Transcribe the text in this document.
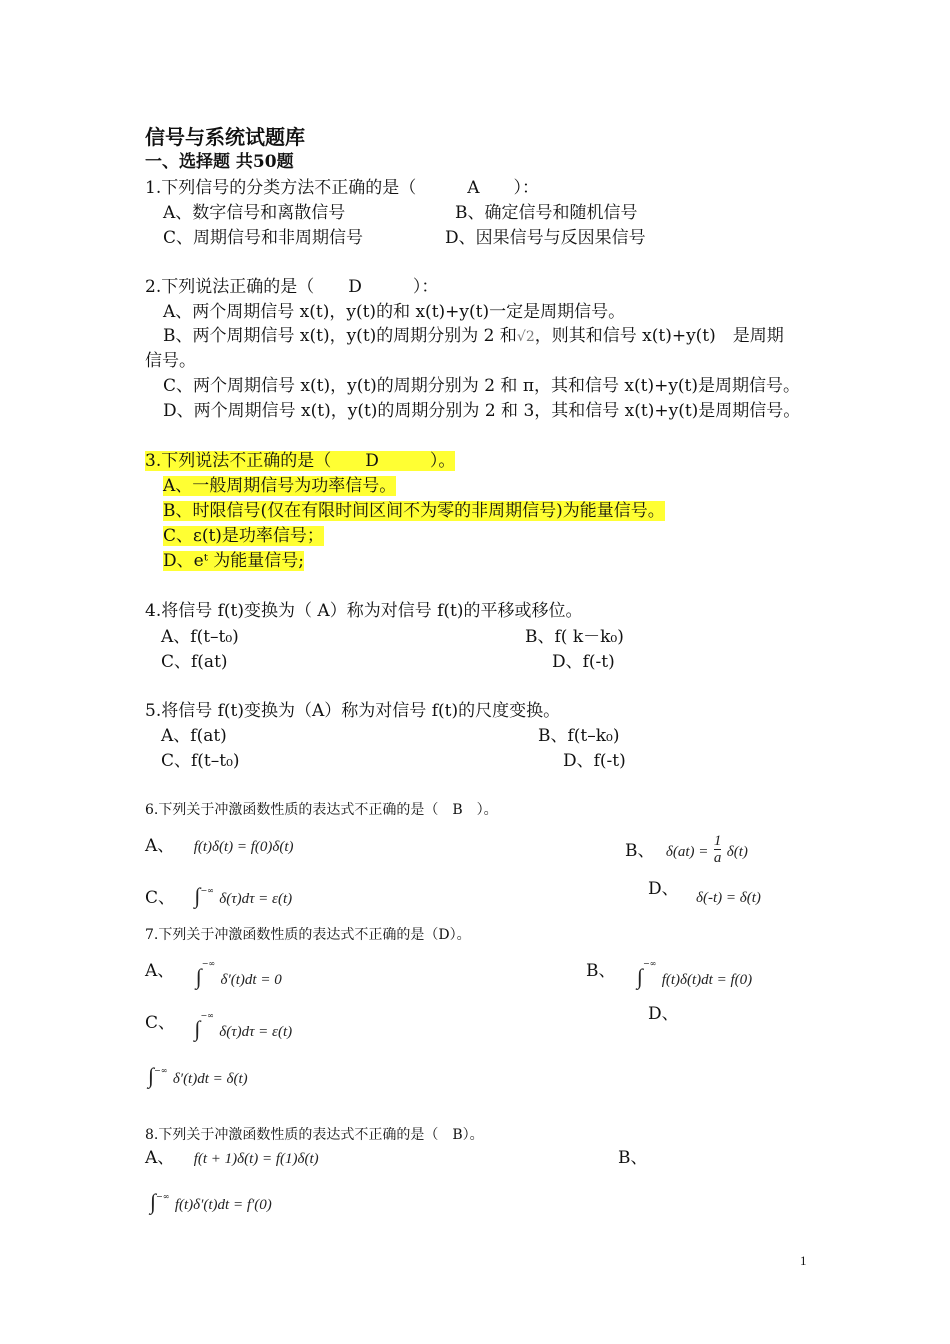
信号与系统试题库
一、选择题 共50题
1.下列信号的分类方法不正确的是（　　　A　　）：
A、数字信号和离散信号	B、确定信号和随机信号
C、周期信号和非周期信号	D、因果信号与反因果信号
2.下列说法正确的是（　　D　　　）：
A、两个周期信号 x(t)，y(t)的和 x(t)+y(t)一定是周期信号。
B、两个周期信号 x(t)，y(t)的周期分别为 2 和√2，则其和信号 x(t)+y(t)　是周期
信号。
C、两个周期信号 x(t)，y(t)的周期分别为 2 和 π，其和信号 x(t)+y(t)是周期信号。
D、两个周期信号 x(t)，y(t)的周期分别为 2 和 3，其和信号 x(t)+y(t)是周期信号。
3.下列说法不正确的是（　　D　　　）。
A、一般周期信号为功率信号。
B、时限信号(仅在有限时间区间不为零的非周期信号)为能量信号。
C、ε(t)是功率信号；
D、eᵗ 为能量信号;
4.将信号 f(t)变换为（ A）称为对信号 f(t)的平移或移位。
A、f(t–t₀)	B、f( k－k₀)
C、f(at)	D、f(-t)
5.将信号 f(t)变换为（A）称为对信号 f(t)的尺度变换。
A、f(at)	B、f(t–k₀)
C、f(t–t₀)	D、f(-t)
6.下列关于冲激函数性质的表达式不正确的是（　B　）。
A、 f(t)δ(t) = f(0)δ(t)	B、 $\delta(at) = \frac{1}{a} \delta(t)$
C、 ∫−∞ δ(τ)dτ = ε(t)	D、 δ(-t) = δ(t)
7.下列关于冲激函数性质的表达式不正确的是（D）。
A、 ∫−∞ δ′(t)dt = 0	B、 ∫−∞ f(t)δ(t)dt = f(0)
C、 ∫−∞ δ(τ)dτ = ε(t)
D、
∫−∞ δ′(t)dt = δ(t)
8.下列关于冲激函数性质的表达式不正确的是（　B）。
A、 f(t + 1)δ(t) = f(1)δ(t)	B、
∫−∞ f(t)δ′(t)dt = f′(0)
1
